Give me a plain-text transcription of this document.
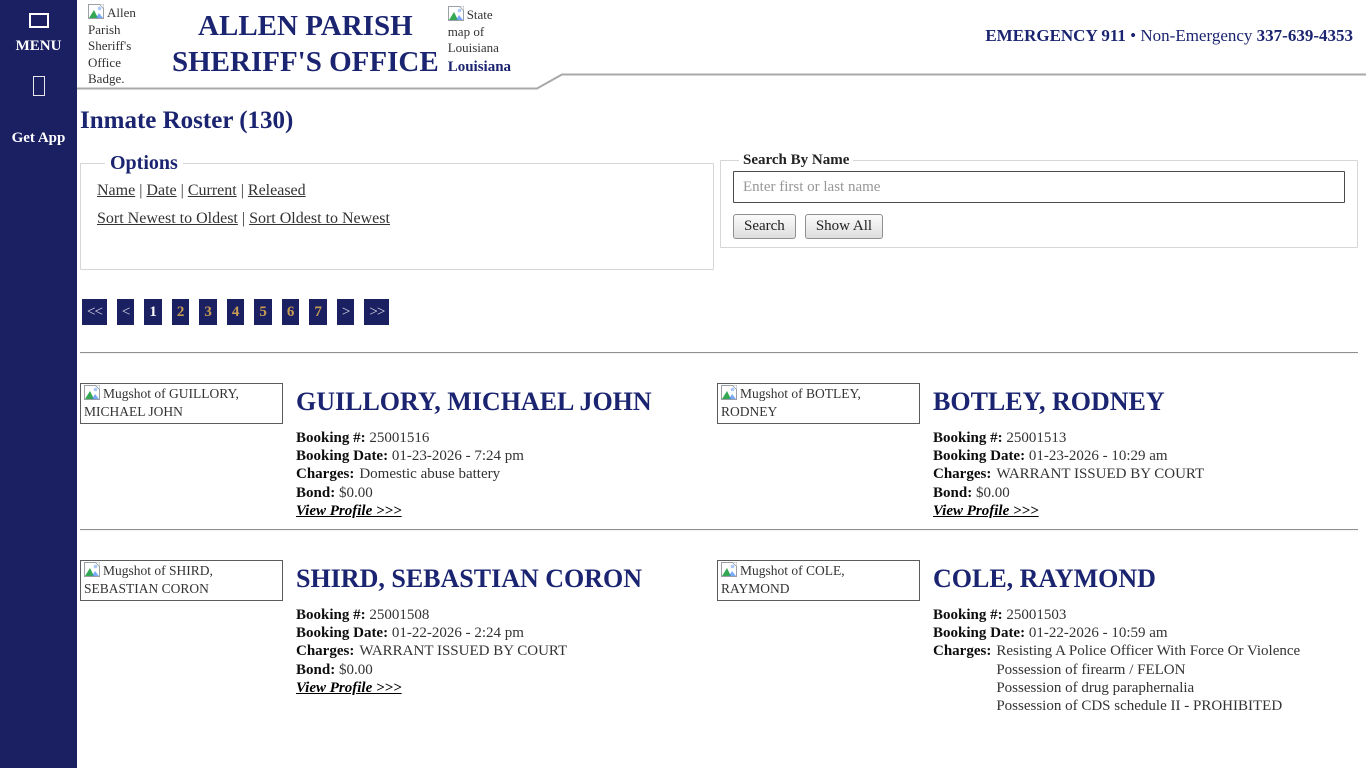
MENU
Get App
Allen Parish Sheriff's Office Badge.
ALLEN PARISH
SHERIFF'S OFFICE
State map of Louisiana Louisiana
EMERGENCY 911 • Non-Emergency 337-639-4353
Inmate Roster (130)
Options
Name | Date | Current | Released
Sort Newest to Oldest | Sort Oldest to Newest
Search By Name
Enter first or last name
Search	Show All
<< < 1 2 3 4 5 6 7 > >>
Mugshot of GUILLORY, MICHAEL JOHN	GUILLORY, MICHAEL JOHN

Booking #: 25001516

Booking Date: 01-23-2026 - 7:24 pm

Charges: Domestic abuse battery

Bond: $0.00

View Profile >>>
Mugshot of BOTLEY, RODNEY	BOTLEY, RODNEY

Booking #: 25001513

Booking Date: 01-23-2026 - 10:29 am

Charges: WARRANT ISSUED BY COURT

Bond: $0.00

View Profile >>>
Mugshot of SHIRD, SEBASTIAN CORON	SHIRD, SEBASTIAN CORON

Booking #: 25001508

Booking Date: 01-22-2026 - 2:24 pm

Charges: WARRANT ISSUED BY COURT

Bond: $0.00

View Profile >>>
Mugshot of COLE, RAYMOND	COLE, RAYMOND

Booking #: 25001503

Booking Date: 01-22-2026 - 10:59 am

Charges: Resisting A Police Officer With Force Or Violence
Possession of firearm / FELON
Possession of drug paraphernalia
Possession of CDS schedule II - PROHIBITED
